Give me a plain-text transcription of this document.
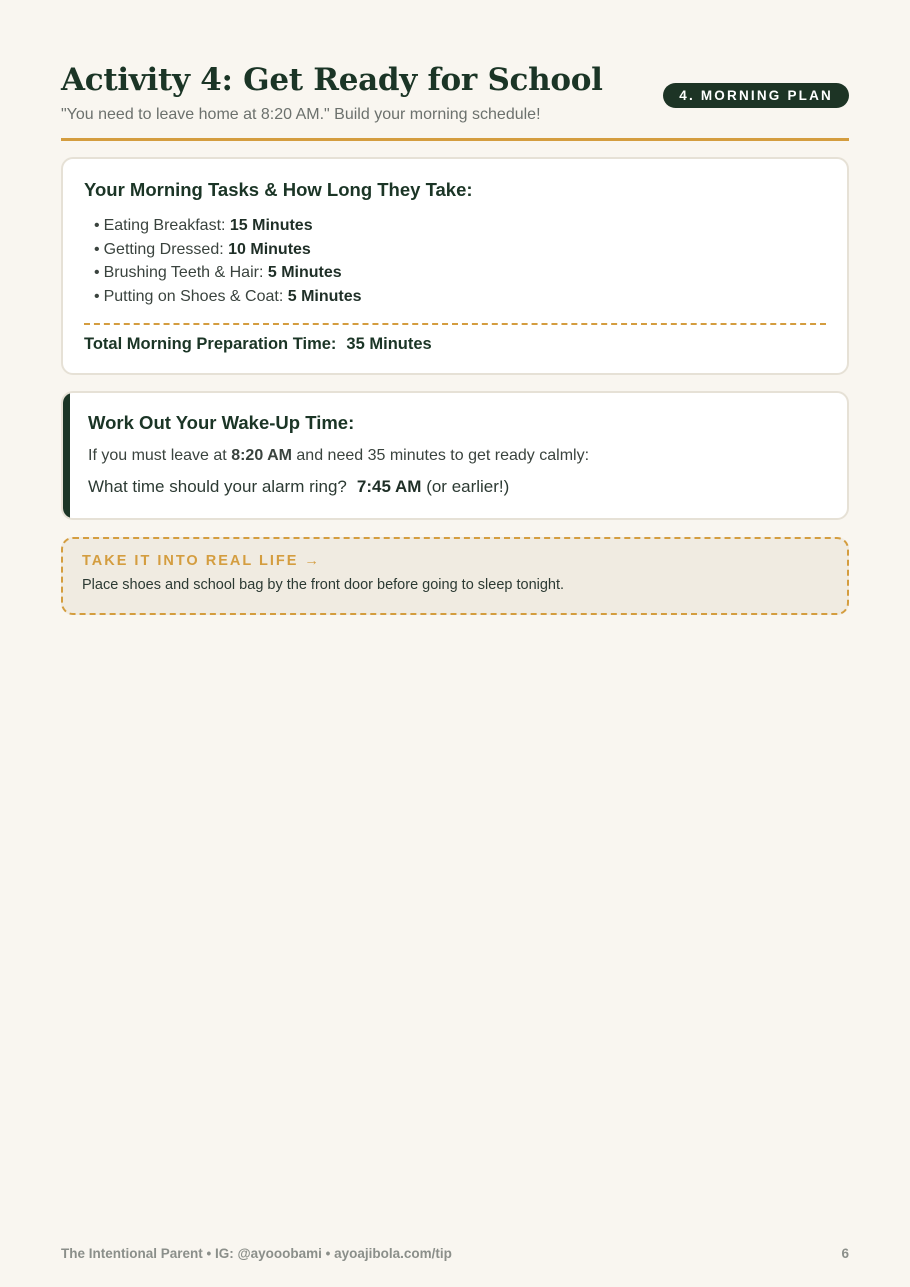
Activity 4: Get Ready for School
"You need to leave home at 8:20 AM." Build your morning schedule!
4. MORNING PLAN
Your Morning Tasks & How Long They Take:
• Eating Breakfast: 15 Minutes
• Getting Dressed: 10 Minutes
• Brushing Teeth & Hair: 5 Minutes
• Putting on Shoes & Coat: 5 Minutes
Total Morning Preparation Time: 35 Minutes
Work Out Your Wake-Up Time:
If you must leave at 8:20 AM and need 35 minutes to get ready calmly:
What time should your alarm ring? 7:45 AM (or earlier!)
TAKE IT INTO REAL LIFE →
Place shoes and school bag by the front door before going to sleep tonight.
The Intentional Parent • IG: @ayooobami • ayoajibola.com/tip	6
